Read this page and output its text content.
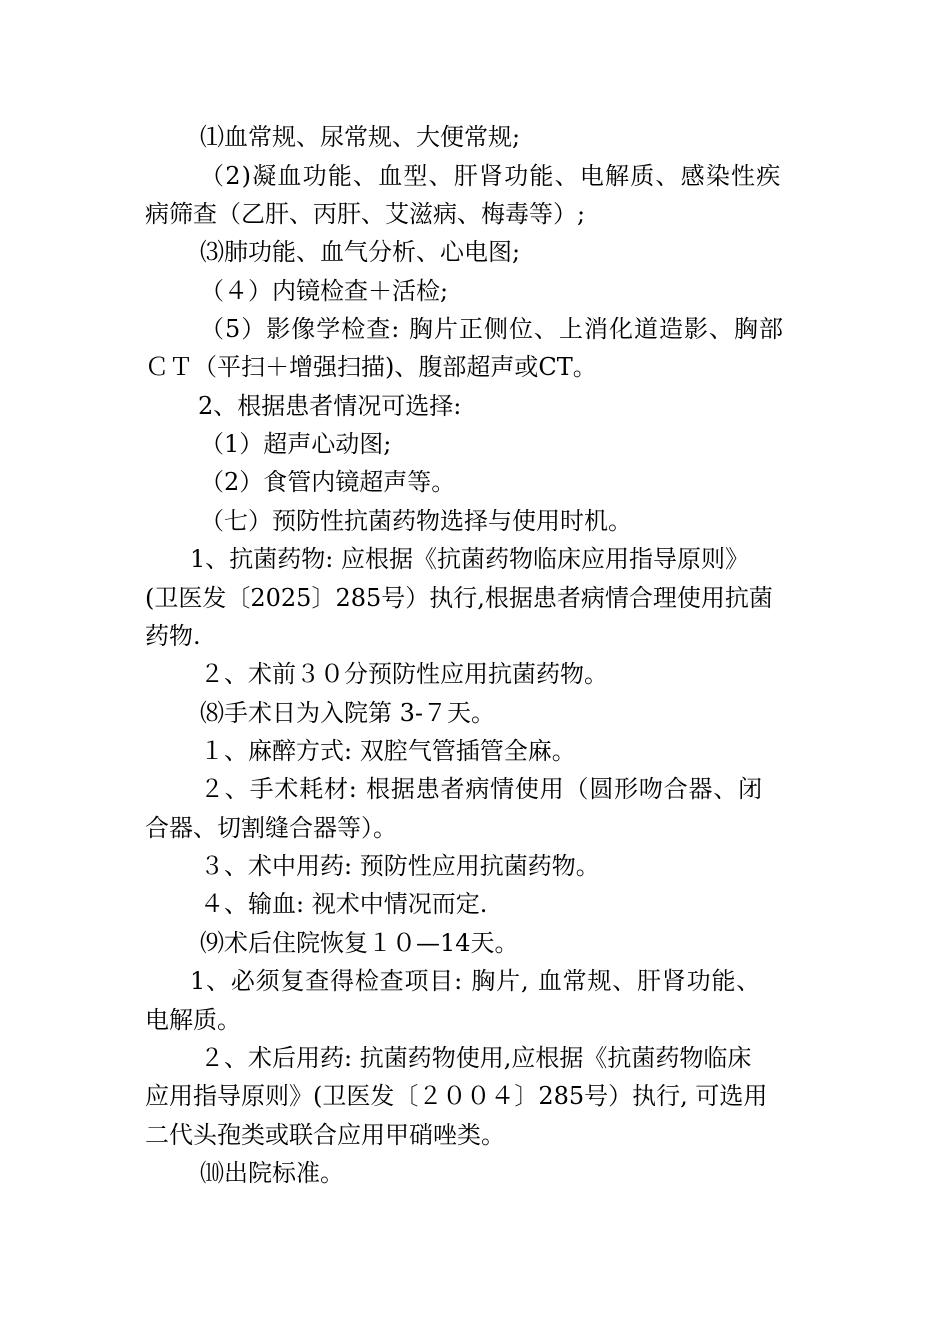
⑴血常规、尿常规、大便常规;
（2)凝血功能、血型、肝肾功能、电解质、感染性疾
病筛查（乙肝、丙肝、艾滋病、梅毒等）;
⑶肺功能、血气分析、心电图;
（４）内镜检查＋活检;
（5）影像学检查: 胸片正侧位、上消化道造影、胸部
ＣＴ（平扫＋增强扫描)、腹部超声或CT。
2、根据患者情况可选择:
（1）超声心动图;
（2）食管内镜超声等。
（七）预防性抗菌药物选择与使用时机。
1、抗菌药物: 应根据《抗菌药物临床应用指导原则》
(卫医发〔2025〕285号）执行,根据患者病情合理使用抗菌
药物.
２、术前３０分预防性应用抗菌药物。
⑻手术日为入院第 3-７天。
１、麻醉方式: 双腔气管插管全麻。
２、手术耗材: 根据患者病情使用（圆形吻合器、闭
合器、切割缝合器等）。
３、术中用药: 预防性应用抗菌药物。
４、输血: 视术中情况而定.
⑼术后住院恢复１０—14天。
1、必须复查得检查项目: 胸片, 血常规、肝肾功能、
电解质。
２、术后用药: 抗菌药物使用,应根据《抗菌药物临床
应用指导原则》(卫医发〔２００４〕285号）执行, 可选用
二代头孢类或联合应用甲硝唑类。
⑽出院标准。
